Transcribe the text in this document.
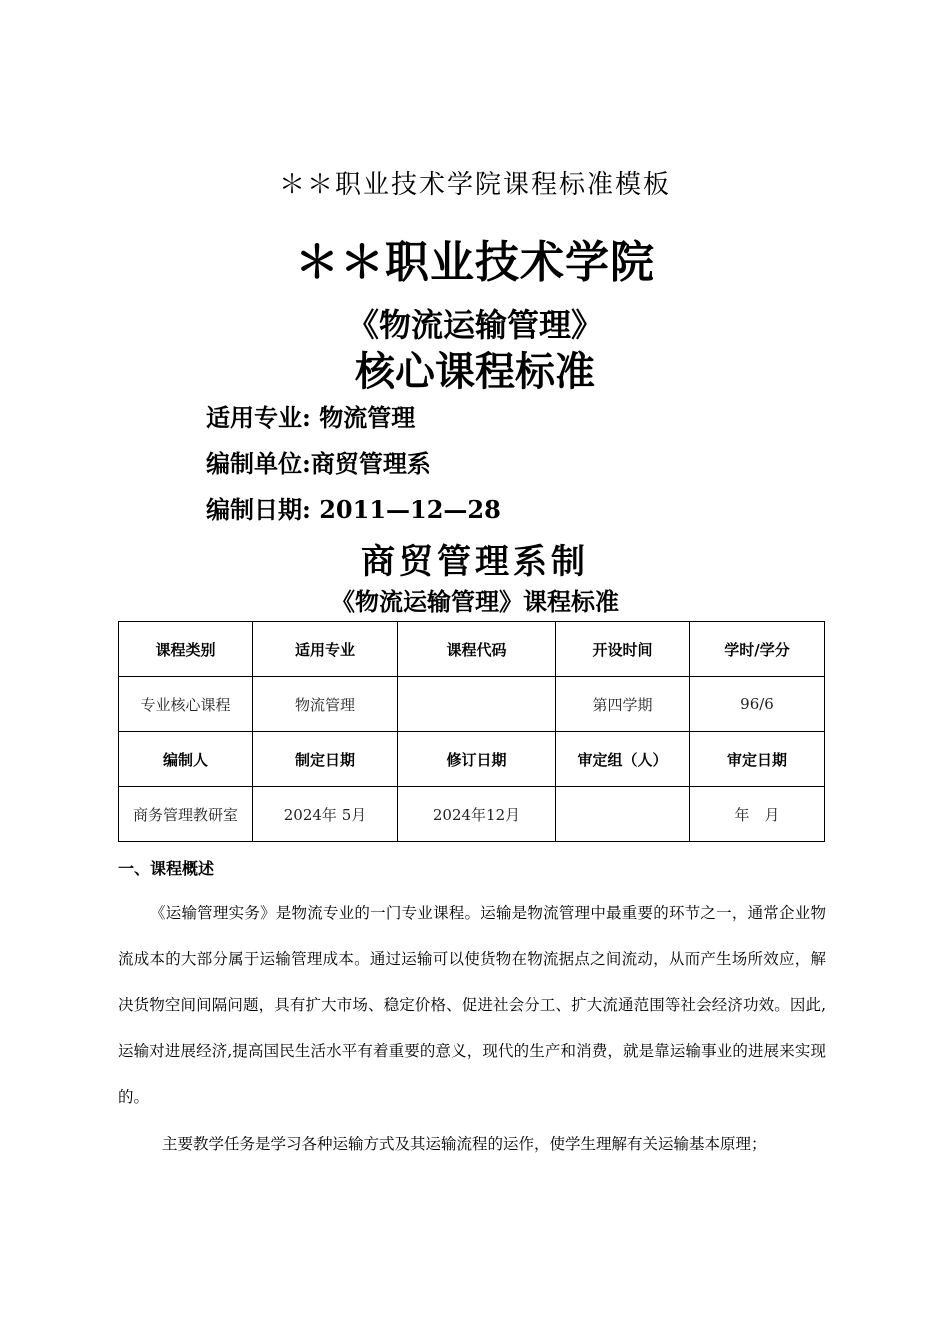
＊＊职业技术学院课程标准模板
＊＊职业技术学院
《物流运输管理》
核心课程标准
适用专业: 物流管理
编制单位:商贸管理系
编制日期: 2011—12—28
商贸管理系制
《物流运输管理》课程标准
课程类别	适用专业	课程代码	开设时间	学时/学分
专业核心课程	物流管理		第四学期	96/6
编制人	制定日期	修订日期	审定组（人）	审定日期
商务管理教研室	2024年 5月	2024年12月		年　月
一、课程概述
《运输管理实务》是物流专业的一门专业课程。运输是物流管理中最重要的环节之一，通常企业物流成本的大部分属于运输管理成本。通过运输可以使货物在物流据点之间流动，从而产生场所效应，解决货物空间间隔问题，具有扩大市场、稳定价格、促进社会分工、扩大流通范围等社会经济功效。因此,运输对进展经济,提高国民生活水平有着重要的意义，现代的生产和消费，就是靠运输事业的进展来实现的。
主要教学任务是学习各种运输方式及其运输流程的运作，使学生理解有关运输基本原理；
